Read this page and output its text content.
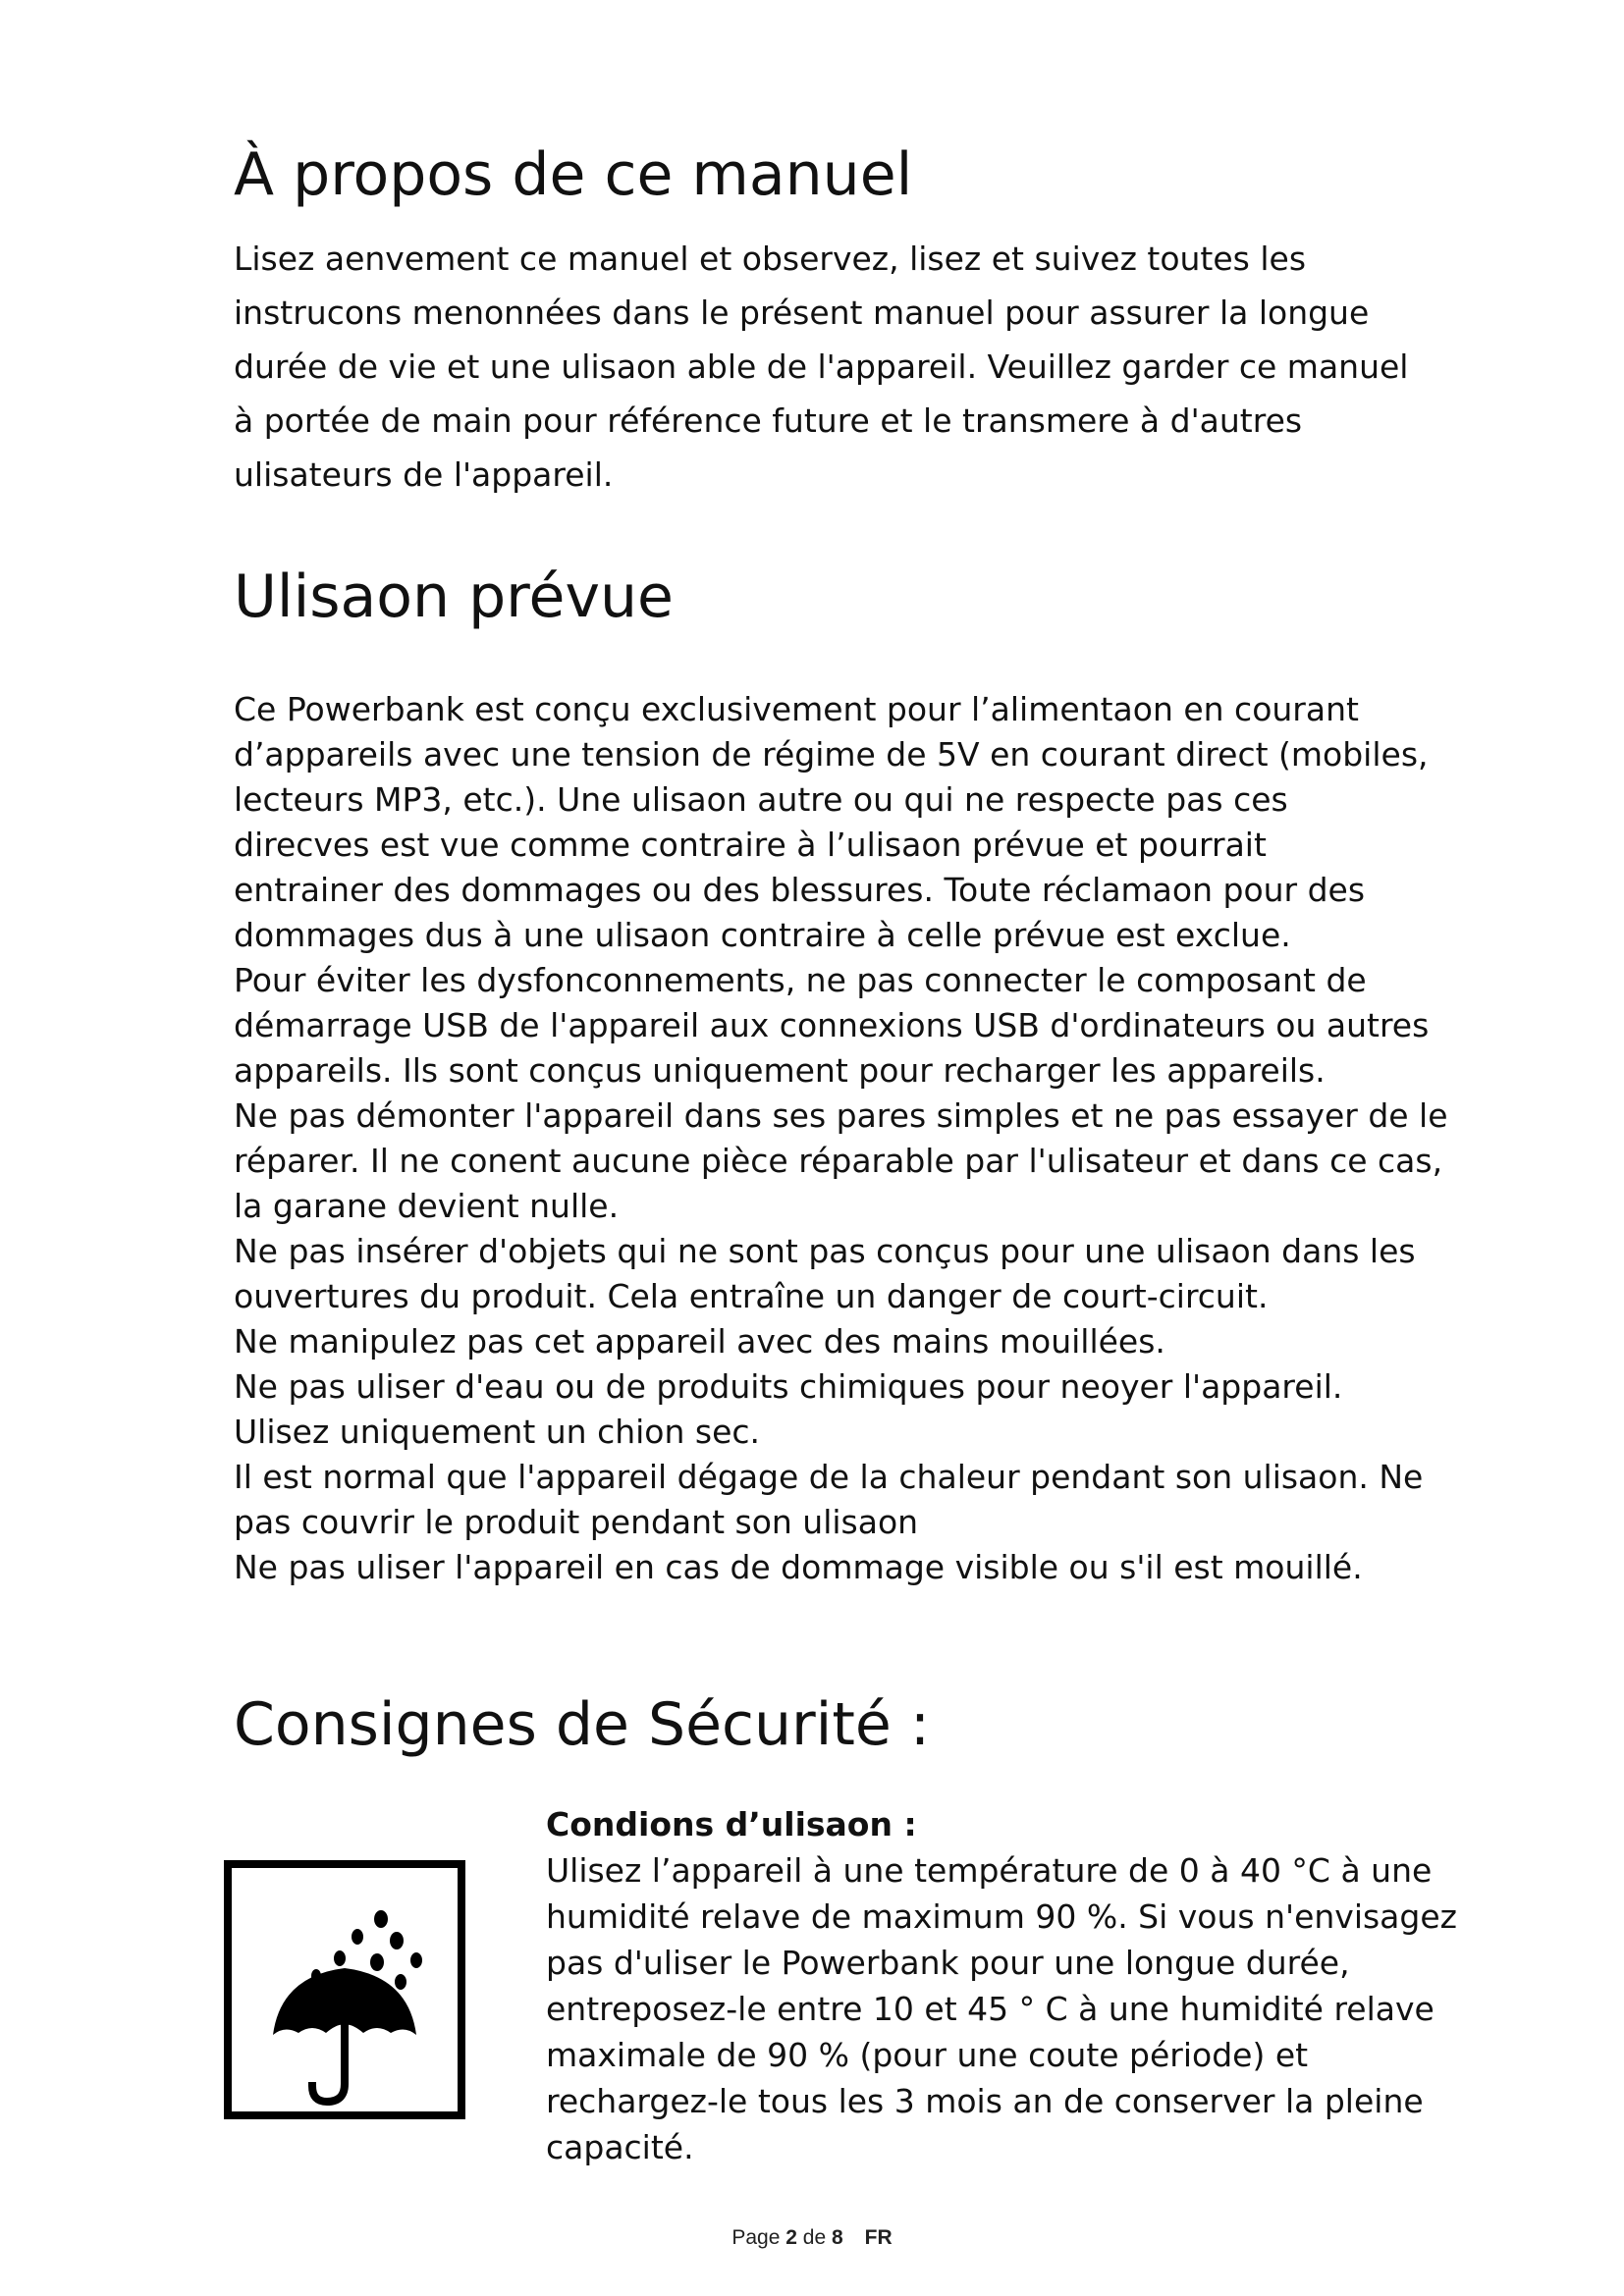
À propos de ce manuel

Lisez aenvement ce manuel et observez, lisez et suivez toutes les

instrucons menonnées dans le présent manuel pour assurer la longue

durée de vie et une ulisaon able de l'appareil. Veuillez garder ce manuel

à portée de main pour référence future et le transmere à d'autres

ulisateurs de l'appareil.

Ulisaon prévue

Ce Powerbank est conçu exclusivement pour l’alimentaon en courant

d’appareils avec une tension de régime de 5V en courant direct (mobiles,

lecteurs MP3, etc.). Une ulisaon autre ou qui ne respecte pas ces

direcves est vue comme contraire à l’ulisaon prévue et pourrait

entrainer des dommages ou des blessures. Toute réclamaon pour des

dommages dus à une ulisaon contraire à celle prévue est exclue.

Pour éviter les dysfonconnements, ne pas connecter le composant de

démarrage USB de l'appareil aux connexions USB d'ordinateurs ou autres

appareils. Ils sont conçus uniquement pour recharger les appareils.

Ne pas démonter l'appareil dans ses pares simples et ne pas essayer de le

réparer. Il ne conent aucune pièce réparable par l'ulisateur et dans ce cas,

la garane devient nulle.

Ne pas insérer d'objets qui ne sont pas conçus pour une ulisaon dans les

ouvertures du produit. Cela entraîne un danger de court-circuit.

Ne manipulez pas cet appareil avec des mains mouillées.

Ne pas uliser d'eau ou de produits chimiques pour neoyer l'appareil.

Ulisez uniquement un chion sec.

Il est normal que l'appareil dégage de la chaleur pendant son ulisaon. Ne

pas couvrir le produit pendant son ulisaon

Ne pas uliser l'appareil en cas de dommage visible ou s'il est mouillé.

Consignes de Sécurité :

Condions d’ulisaon :

Ulisez l’appareil à une température de 0 à 40 °C à une

humidité relave de maximum 90 %. Si vous n'envisagez

pas d'uliser le Powerbank pour une longue durée,

entreposez-le entre 10 et 45 ° C à une humidité relave

maximale de 90 % (pour une coute période) et

rechargez-le tous les 3 mois an de conserver la pleine

capacité.

Page 2 de 8 FR
